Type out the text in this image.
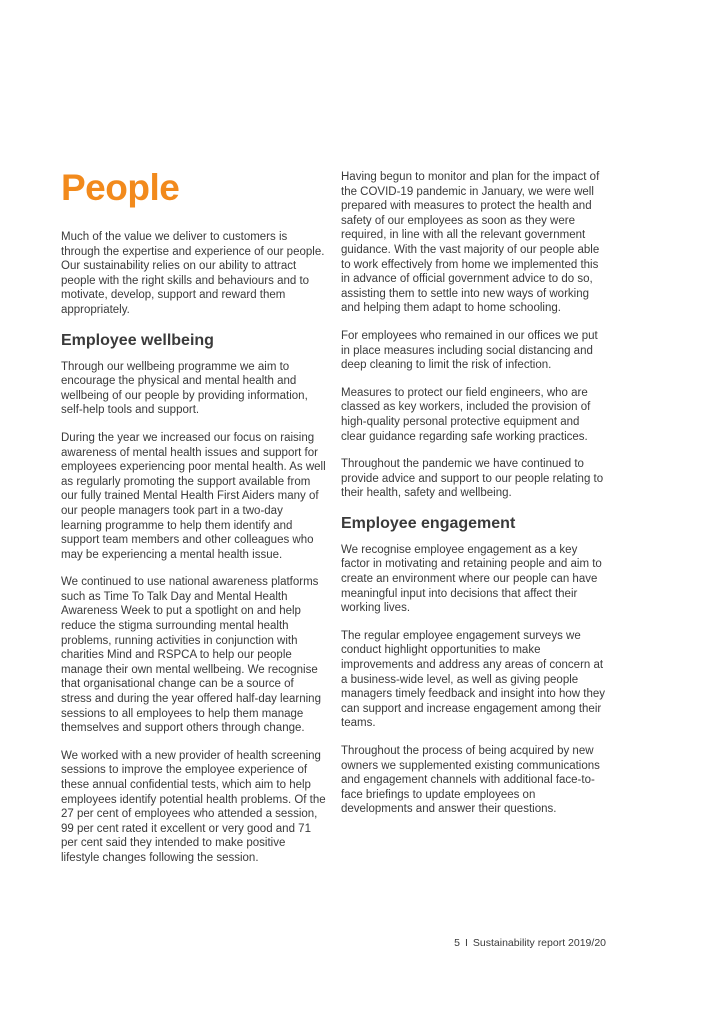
People

Much of the value we deliver to customers is through the expertise and experience of our people. Our sustainability relies on our ability to attract people with the right skills and behaviours and to motivate, develop, support and reward them appropriately.

Employee wellbeing

Through our wellbeing programme we aim to encourage the physical and mental health and wellbeing of our people by providing information, self-help tools and support.

During the year we increased our focus on raising awareness of mental health issues and support for employees experiencing poor mental health. As well as regularly promoting the support available from our fully trained Mental Health First Aiders many of our people managers took part in a two-day learning programme to help them identify and support team members and other colleagues who may be experiencing a mental health issue.

We continued to use national awareness platforms such as Time To Talk Day and Mental Health Awareness Week to put a spotlight on and help reduce the stigma surrounding mental health problems, running activities in conjunction with charities Mind and RSPCA to help our people manage their own mental wellbeing. We recognise that organisational change can be a source of stress and during the year offered half-day learning sessions to all employees to help them manage themselves and support others through change.

We worked with a new provider of health screening sessions to improve the employee experience of these annual confidential tests, which aim to help employees identify potential health problems. Of the 27 per cent of employees who attended a session, 99 per cent rated it excellent or very good and 71 per cent said they intended to make positive lifestyle changes following the session.

Having begun to monitor and plan for the impact of the COVID-19 pandemic in January, we were well prepared with measures to protect the health and safety of our employees as soon as they were required, in line with all the relevant government guidance. With the vast majority of our people able to work effectively from home we implemented this in advance of official government advice to do so, assisting them to settle into new ways of working and helping them adapt to home schooling.

For employees who remained in our offices we put in place measures including social distancing and deep cleaning to limit the risk of infection.

Measures to protect our field engineers, who are classed as key workers, included the provision of high-quality personal protective equipment and clear guidance regarding safe working practices.

Throughout the pandemic we have continued to provide advice and support to our people relating to their health, safety and wellbeing.

Employee engagement

We recognise employee engagement as a key factor in motivating and retaining people and aim to create an environment where our people can have meaningful input into decisions that affect their working lives.

The regular employee engagement surveys we conduct highlight opportunities to make improvements and address any areas of concern at a business-wide level, as well as giving people managers timely feedback and insight into how they can support and increase engagement among their teams.

Throughout the process of being acquired by new owners we supplemented existing communications and engagement channels with additional face-to-face briefings to update employees on developments and answer their questions.

5 I Sustainability report 2019/20
